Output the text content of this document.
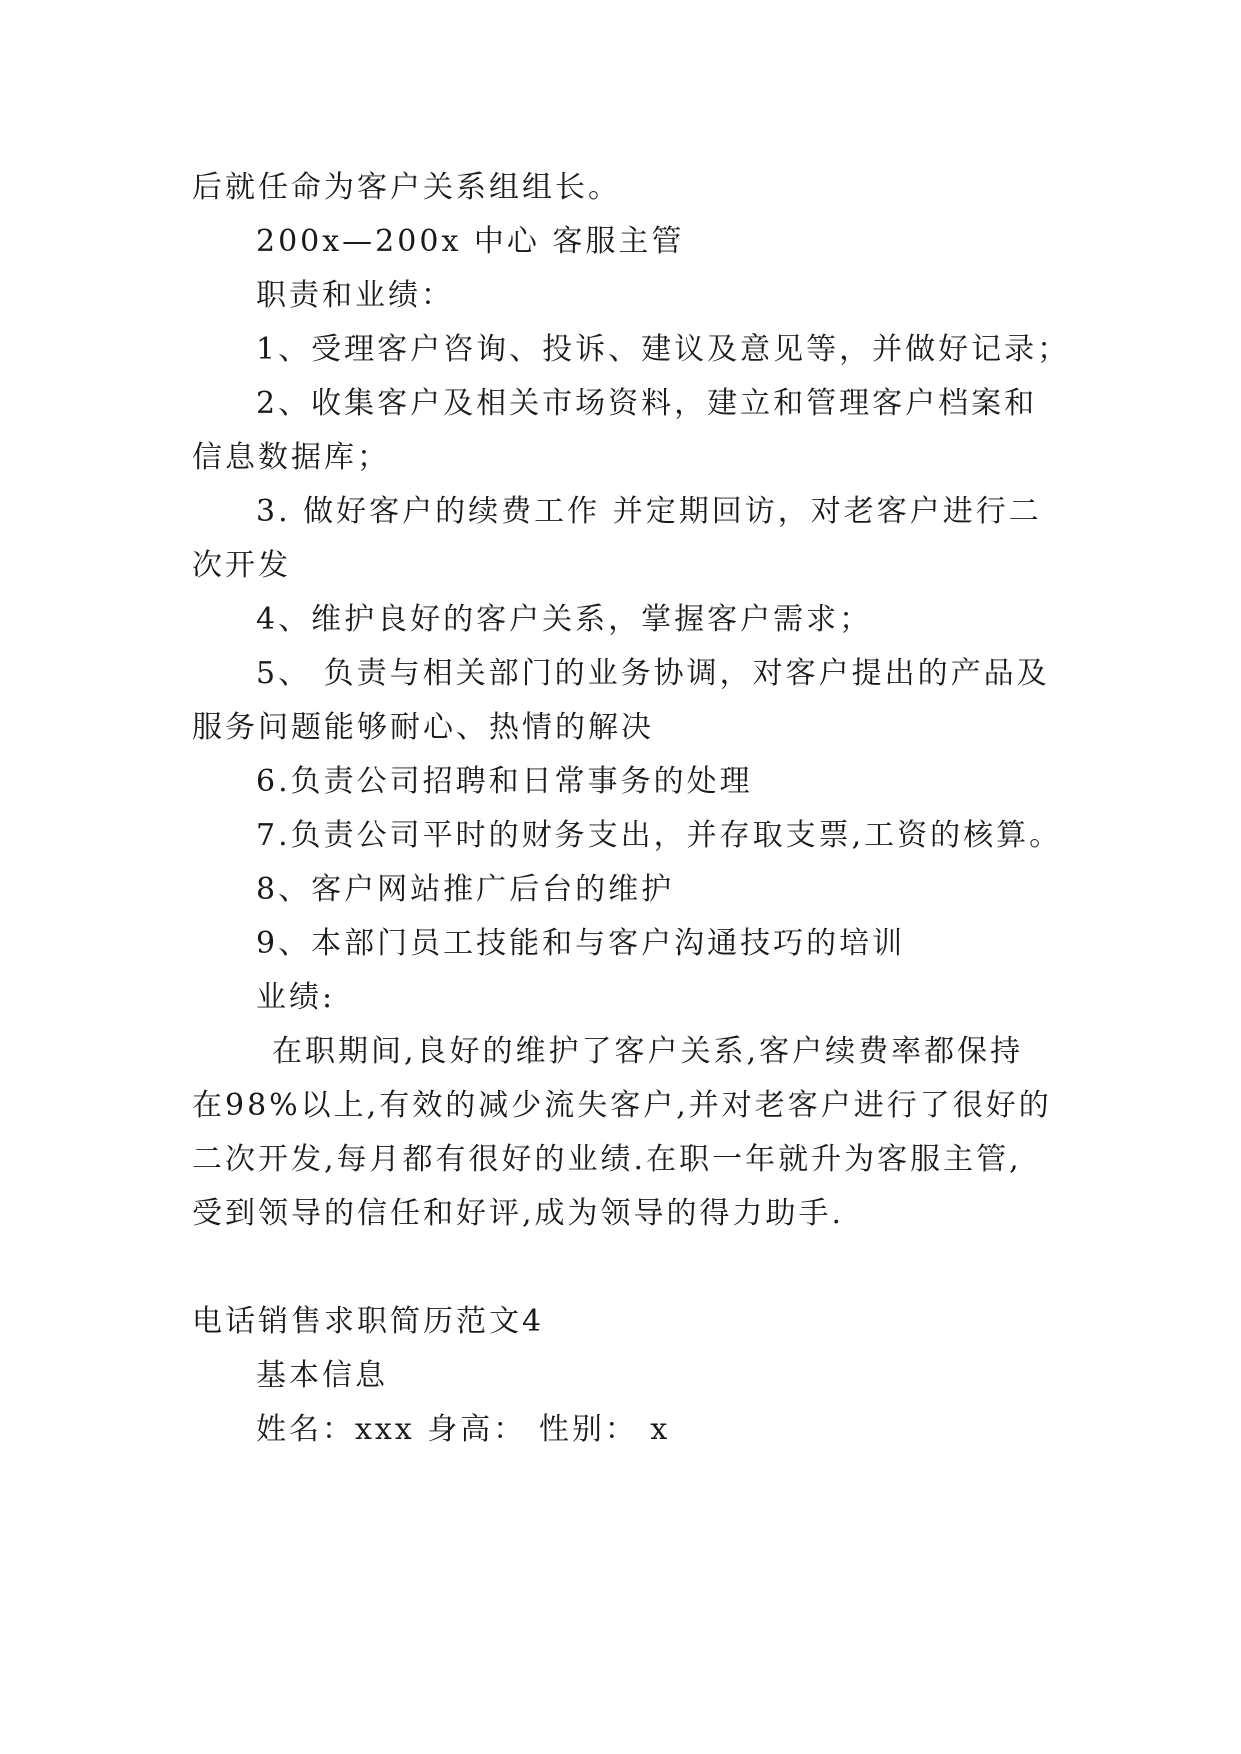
后就任命为客户关系组组长。
200x—200x 中心 客服主管
职责和业绩：
1、受理客户咨询、投诉、建议及意见等，并做好记录；
2、收集客户及相关市场资料，建立和管理客户档案和
信息数据库；
3. 做好客户的续费工作 并定期回访，对老客户进行二
次开发
4、维护良好的客户关系，掌握客户需求；
5、 负责与相关部门的业务协调，对客户提出的产品及
服务问题能够耐心、热情的解决
6.负责公司招聘和日常事务的处理
7.负责公司平时的财务支出，并存取支票,工资的核算。
8、客户网站推广后台的维护
9、本部门员工技能和与客户沟通技巧的培训
业绩:
在职期间,良好的维护了客户关系,客户续费率都保持
在98%以上,有效的减少流失客户,并对老客户进行了很好的
二次开发,每月都有很好的业绩.在职一年就升为客服主管,
受到领导的信任和好评,成为领导的得力助手.
电话销售求职简历范文4
基本信息
姓名：xxx 身高： 性别： x
